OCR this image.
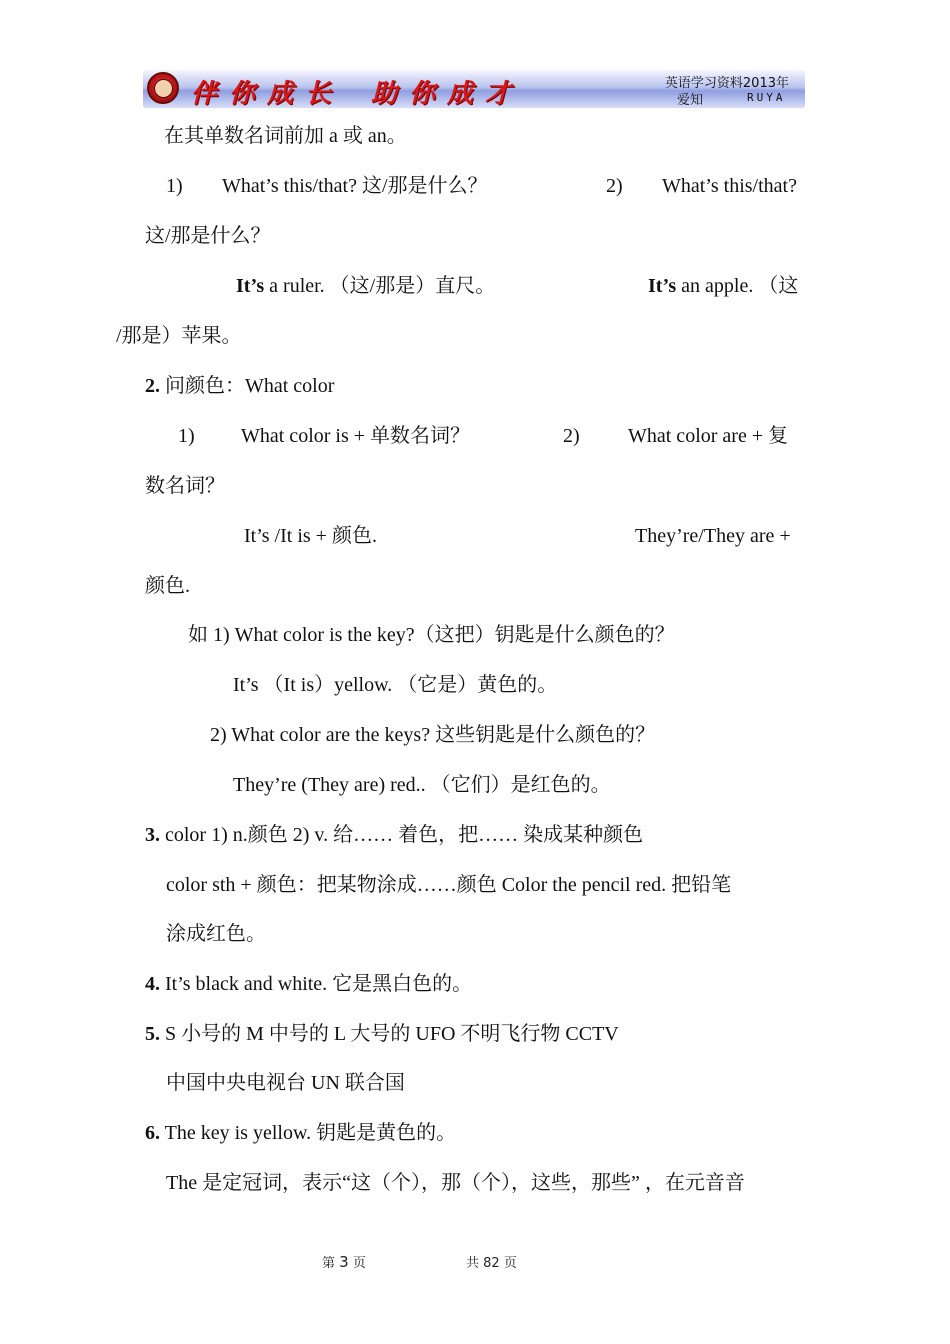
伴你成长 助你成才	英语学习资料2013年
爱知	RUYA
在其单数名词前加 a 或 an。
1) What’s this/that? 这/那是什么？	2) What’s this/that?
这/那是什么？
It’s a ruler. （这/那是）直尺。	It’s an apple. （这
/那是）苹果。
2. 问颜色：What color
1) What color is + 单数名词？	2) What color are + 复
数名词？
It’s /It is + 颜色.	They’re/They are +
颜色.
如 1) What color is the key?（这把）钥匙是什么颜色的？
It’s （It is）yellow. （它是）黄色的。
2) What color are the keys? 这些钥匙是什么颜色的？
They’re (They are) red.. （它们）是红色的。
3. color 1) n.颜色 2) v. 给…… 着色，把…… 染成某种颜色
color sth + 颜色：把某物涂成……颜色 Color the pencil red. 把铅笔
涂成红色。
4. It’s black and white. 它是黑白色的。
5. S 小号的 M 中号的 L 大号的 UFO 不明飞行物 CCTV
中国中央电视台 UN 联合国
6. The key is yellow. 钥匙是黄色的。
The 是定冠词，表示“这（个），那（个），这些，那些” ，在元音音
第 3 页	共 82 页
